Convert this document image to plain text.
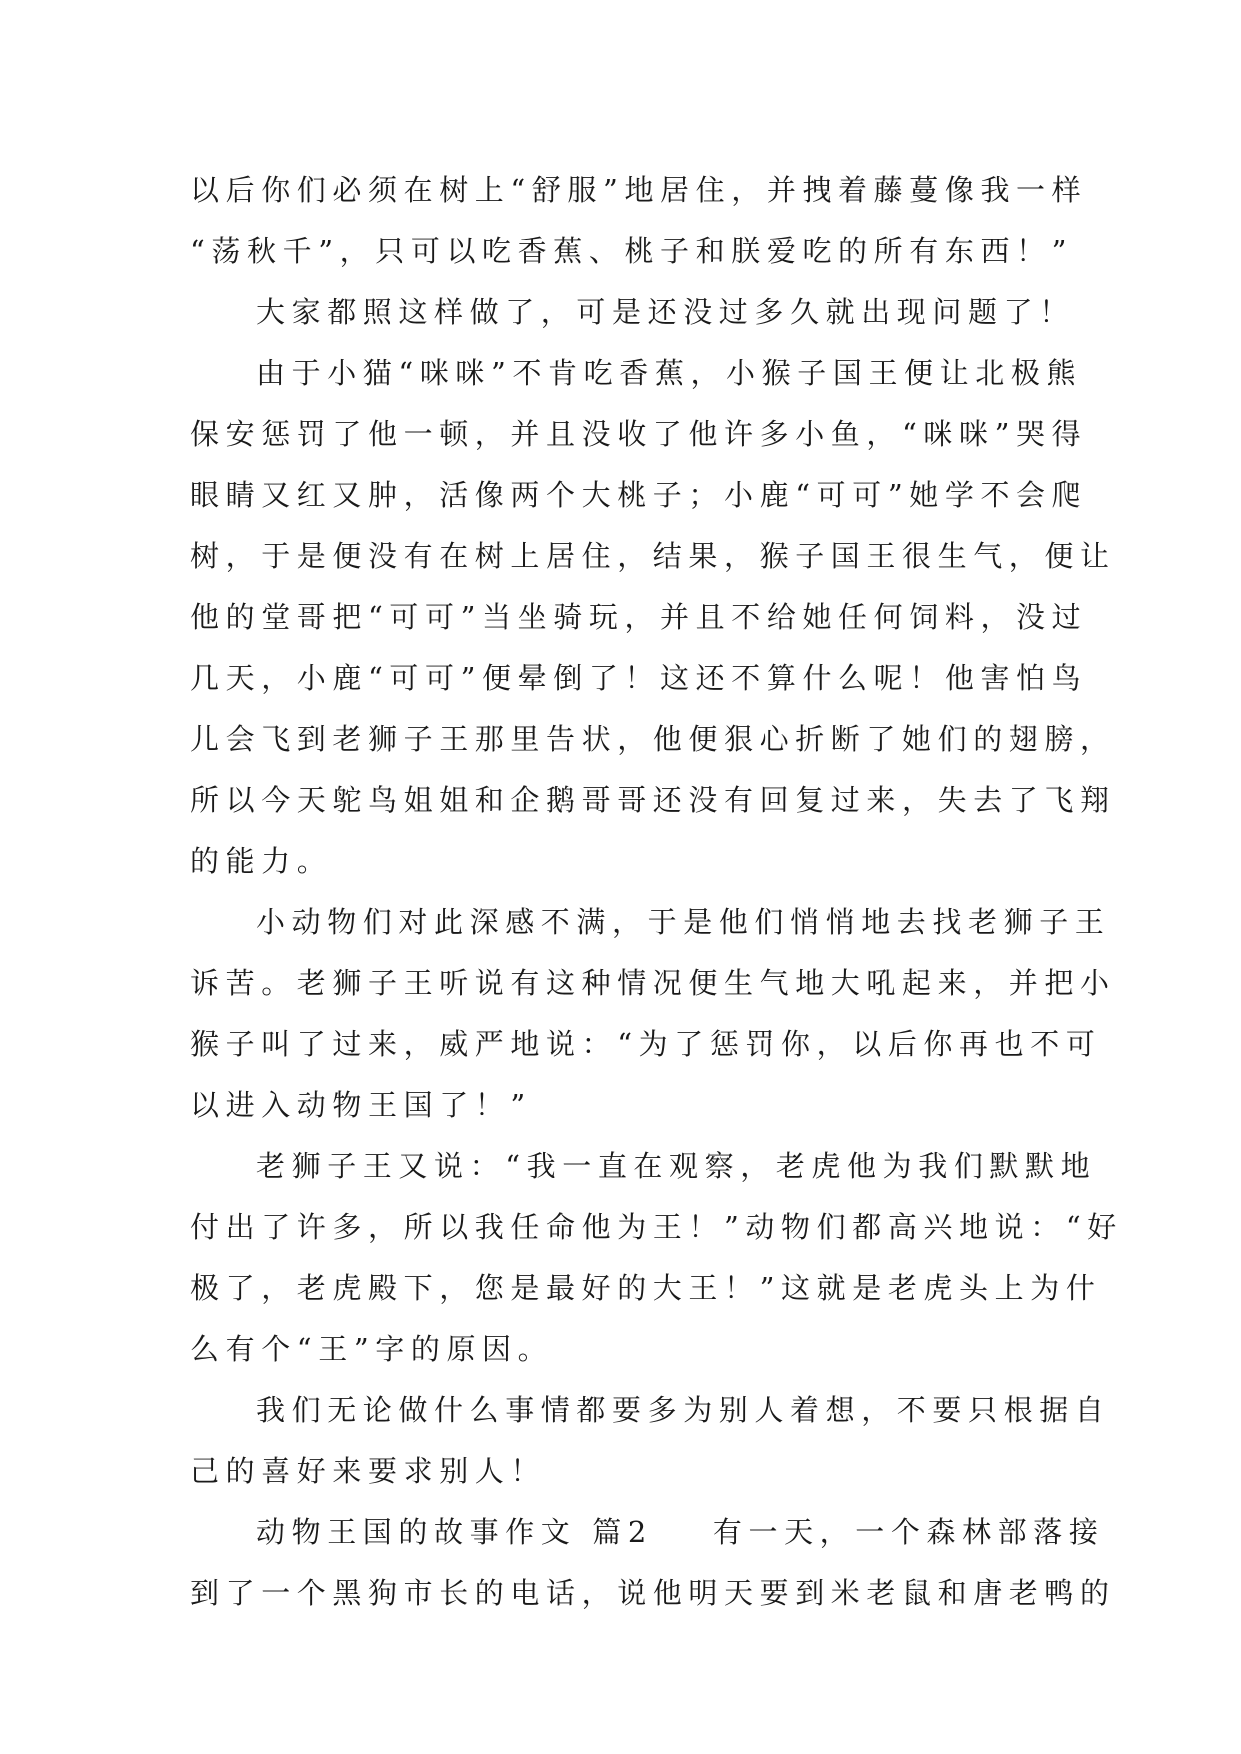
以后你们必须在树上“舒服”地居住，并拽着藤蔓像我一样
“荡秋千”，只可以吃香蕉、桃子和朕爱吃的所有东西！”
大家都照这样做了，可是还没过多久就出现问题了！
由于小猫“咪咪”不肯吃香蕉，小猴子国王便让北极熊
保安惩罚了他一顿，并且没收了他许多小鱼，“咪咪”哭得
眼睛又红又肿，活像两个大桃子；小鹿“可可”她学不会爬
树，于是便没有在树上居住，结果，猴子国王很生气，便让
他的堂哥把“可可”当坐骑玩，并且不给她任何饲料，没过
几天，小鹿“可可”便晕倒了！这还不算什么呢！他害怕鸟
儿会飞到老狮子王那里告状，他便狠心折断了她们的翅膀，
所以今天鸵鸟姐姐和企鹅哥哥还没有回复过来，失去了飞翔
的能力。
小动物们对此深感不满，于是他们悄悄地去找老狮子王
诉苦。老狮子王听说有这种情况便生气地大吼起来，并把小
猴子叫了过来，威严地说：“为了惩罚你，以后你再也不可
以进入动物王国了！”
老狮子王又说：“我一直在观察，老虎他为我们默默地
付出了许多，所以我任命他为王！”动物们都高兴地说：“好
极了，老虎殿下，您是最好的大王！”这就是老虎头上为什
么有个“王”字的原因。
我们无论做什么事情都要多为别人着想，不要只根据自
己的喜好来要求别人！
动物王国的故事作文 篇2 有一天，一个森林部落接
到了一个黑狗市长的电话，说他明天要到米老鼠和唐老鸭的
